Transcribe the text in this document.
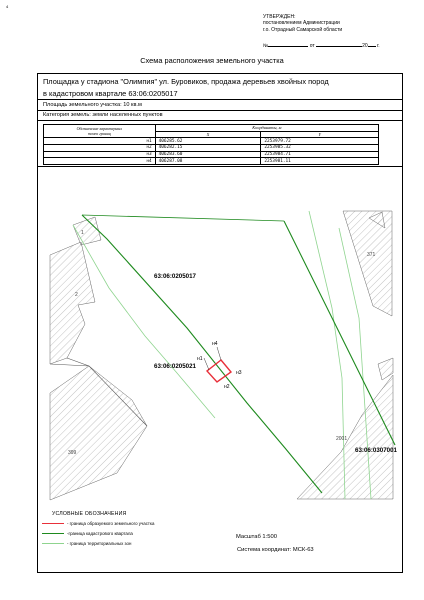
4
УТВЕРЖДЕН:
постановлением Администрации
г.о. Отрадный Самарской области
№	от	20 г.
Схема расположения земельного участка
Площадка у стадиона "Олимпия" ул. Буровиков, продажа деревьев хвойных пород
в кадастровом квартале 63:06:0205017
Площадь земельного участка: 10 кв.м
Категория земель: земли населенных пунктов
Обозначение характерных
точек границ	Координаты, м	
	X	Y
н1	406285.62	2253979.72
н2	406282.15	2253985.32
н3	406283.60	2253984.71
н4	406287.08	2253981.11
63:06:0205017
63:06:0205021
63:06:0307001
2
399
371
2001
1
н1
н2
н3
н4
УСЛОВНЫЕ ОБОЗНАЧЕНИЯ
- граница образуемого земельного участка
-граница кадастрового квартала
- граница территориальных зон
Масштаб 1:500
Система координат: МСК-63
